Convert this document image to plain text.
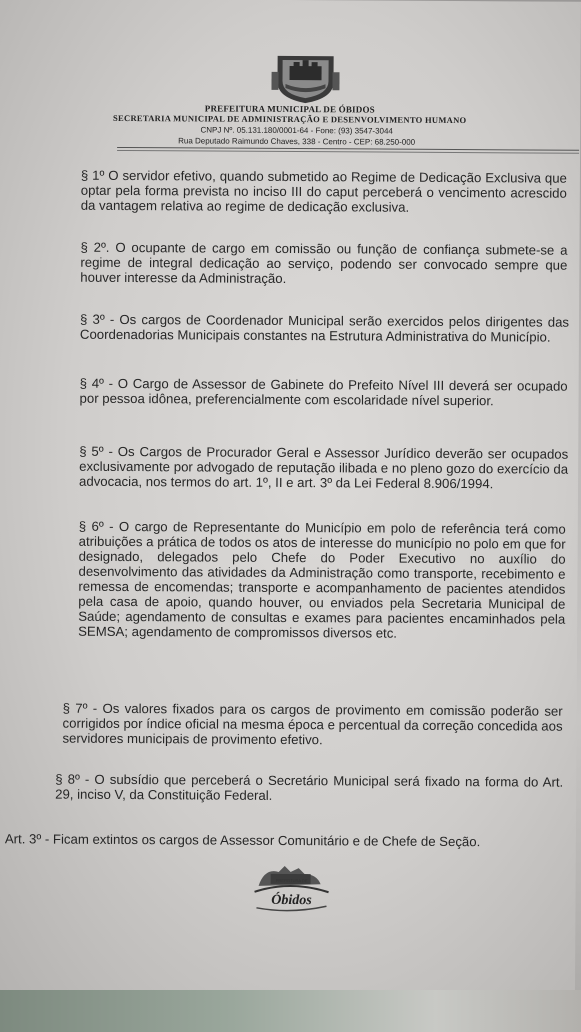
PREFEITURA MUNICIPAL DE ÓBIDOS
SECRETARIA MUNICIPAL DE ADMINISTRAÇÃO E DESENVOLVIMENTO HUMANO
CNPJ Nº. 05.131.180/0001-64 - Fone: (93) 3547-3044
Rua Deputado Raimundo Chaves, 338 - Centro - CEP: 68.250-000
§ 1º O servidor efetivo, quando submetido ao Regime de Dedicação Exclusiva que optar pela forma prevista no inciso III do caput perceberá o vencimento acrescido da vantagem relativa ao regime de dedicação exclusiva.
§ 2º. O ocupante de cargo em comissão ou função de confiança submete-se a regime de integral dedicação ao serviço, podendo ser convocado sempre que houver interesse da Administração.
§ 3º - Os cargos de Coordenador Municipal serão exercidos pelos dirigentes das Coordenadorias Municipais constantes na Estrutura Administrativa do Município.
§ 4º - O Cargo de Assessor de Gabinete do Prefeito Nível III deverá ser ocupado por pessoa idônea, preferencialmente com escolaridade nível superior.
§ 5º - Os Cargos de Procurador Geral e Assessor Jurídico deverão ser ocupados exclusivamente por advogado de reputação ilibada e no pleno gozo do exercício da advocacia, nos termos do art. 1º, II e art. 3º da Lei Federal 8.906/1994.
§ 6º - O cargo de Representante do Município em polo de referência terá como atribuições a prática de todos os atos de interesse do município no polo em que for designado, delegados pelo Chefe do Poder Executivo no auxílio do desenvolvimento das atividades da Administração como transporte, recebimento e remessa de encomendas; transporte e acompanhamento de pacientes atendidos pela casa de apoio, quando houver, ou enviados pela Secretaria Municipal de Saúde; agendamento de consultas e exames para pacientes encaminhados pela SEMSA; agendamento de compromissos diversos etc.
§ 7º - Os valores fixados para os cargos de provimento em comissão poderão ser corrigidos por índice oficial na mesma época e percentual da correção concedida aos servidores municipais de provimento efetivo.
§ 8º - O subsídio que perceberá o Secretário Municipal será fixado na forma do Art. 29, inciso V, da Constituição Federal.
Art. 3º - Ficam extintos os cargos de Assessor Comunitário e de Chefe de Seção.
PREFEITURA DE
Óbidos
